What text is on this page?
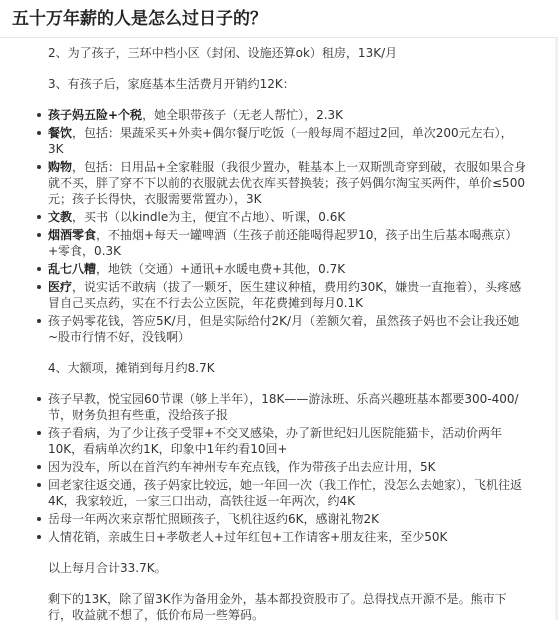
五十万年薪的人是怎么过日子的？

2、为了孩子，三环中档小区（封闭、设施还算ok）租房，13K/月

3、有孩子后，家庭基本生活费月开销约12K：

孩子妈五险+个税，她全职带孩子（无老人帮忙），2.3K
餐饮，包括：果蔬采买+外卖+偶尔餐厅吃饭（一般每周不超过2回，单次200元左右），3K
购物，包括：日用品+全家鞋服（我很少置办，鞋基本上一双斯凯奇穿到破，衣服如果合身就不买，胖了穿不下以前的衣服就去优衣库买替换装；孩子妈偶尔淘宝买两件，单价≤500元；孩子长得快，衣服需要常置办），3K
文教，买书（以kindle为主，便宜不占地）、听课，0.6K
烟酒零食，不抽烟+每天一罐啤酒（生孩子前还能喝得起罗10，孩子出生后基本喝燕京）+零食，0.3K
乱七八糟，地铁（交通）+通讯+水暖电费+其他，0.7K
医疗，说实话不敢病（拔了一颗牙，医生建议种植，费用约30K，嫌贵一直拖着），头疼感冒自己买点药，实在不行去公立医院，年花费摊到每月0.1K
孩子妈零花钱，答应5K/月，但是实际给付2K/月（差额欠着，虽然孩子妈也不会让我还她~股市行情不好，没钱啊）

4、大额项，摊销到每月约8.7K

孩子早教，悦宝园60节课（够上半年），18K——游泳班、乐高兴趣班基本都要300-400/节，财务负担有些重，没给孩子报
孩子看病，为了少让孩子受罪+不交叉感染，办了新世纪妇儿医院能猫卡，活动价两年10K，看病单次约1K，印象中1年约看10回+
因为没车，所以在首汽约车神州专车充点钱，作为带孩子出去应计用，5K
回老家往返交通，孩子妈家比较远，她一年回一次（我工作忙，没怎么去她家），飞机往返4K，我家较近，一家三口出动，高铁往返一年两次，约4K
岳母一年两次来京帮忙照顾孩子，飞机往返约6K，感谢礼物2K
人情花销，亲戚生日+孝敬老人+过年红包+工作请客+朋友往来，至少50K

以上每月合计33.7K。

剩下的13K，除了留3K作为备用金外，基本都投资股市了。总得找点开源不是。熊市下行，收益就不想了，低价布局一些筹码。
